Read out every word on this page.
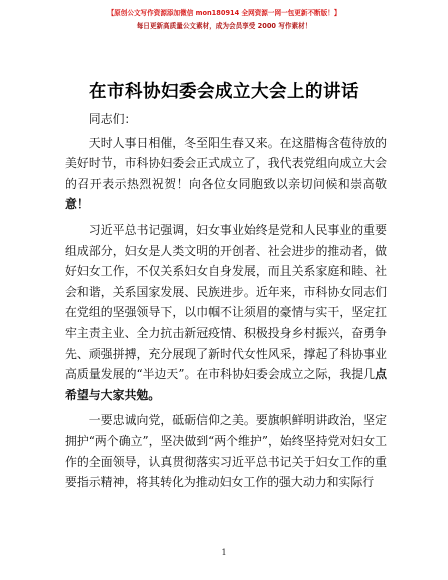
【原创公文写作资源添加微信 mon180914 全网资源一网一包更新不断版！】
每日更新高质量公文素材，成为会员享受 2000 写作素材！
在市科协妇委会成立大会上的讲话

同志们：

天时人事日相催，冬至阳生春又来。在这腊梅含苞待放的美好时节，市科协妇委会正式成立了，我代表党组向成立大会的召开表示热烈祝贺！向各位女同胞致以亲切问候和崇高敬意！

习近平总书记强调，妇女事业始终是党和人民事业的重要组成部分，妇女是人类文明的开创者、社会进步的推动者，做好妇女工作，不仅关系妇女自身发展，而且关系家庭和睦、社会和谐，关系国家发展、民族进步。近年来，市科协女同志们在党组的坚强领导下，以巾帼不让须眉的豪情与实干，坚定扛牢主责主业、全力抗击新冠疫情、积极投身乡村振兴，奋勇争先、顽强拼搏，充分展现了新时代女性风采，撑起了科协事业高质量发展的“半边天”。在市科协妇委会成立之际，我提几点希望与大家共勉。

一要忠诚向党，砥砺信仰之美。要旗帜鲜明讲政治，坚定拥护“两个确立”，坚决做到“两个维护”，始终坚持党对妇女工作的全面领导，认真贯彻落实习近平总书记关于妇女工作的重要指示精神，将其转化为推动妇女工作的强大动力和实际行

1
